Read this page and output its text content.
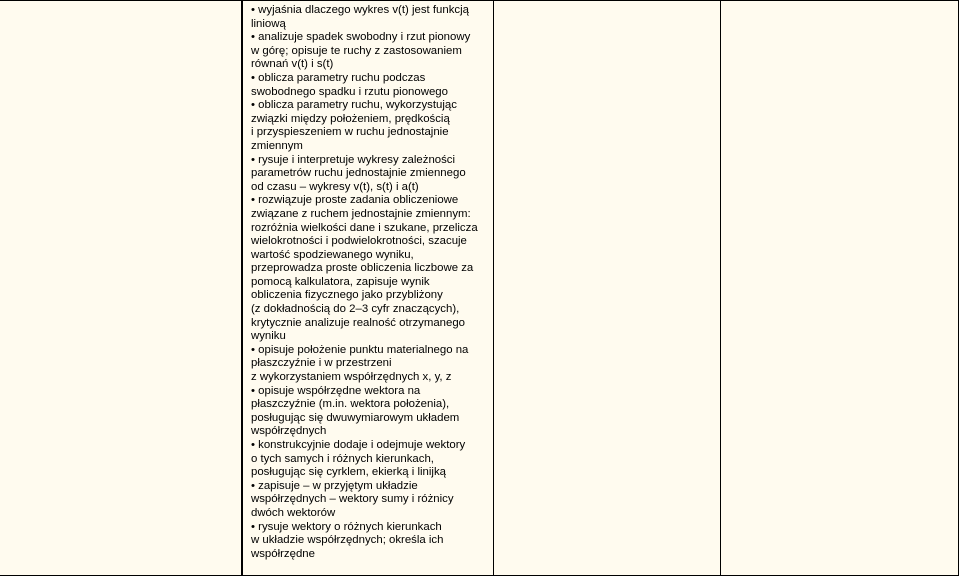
• wyjaśnia dlaczego wykres v(t) jest funkcją
liniową
• analizuje spadek swobodny i rzut pionowy
w górę; opisuje te ruchy z zastosowaniem
równań v(t) i s(t)
• oblicza parametry ruchu podczas
swobodnego spadku i rzutu pionowego
• oblicza parametry ruchu, wykorzystując
związki między położeniem, prędkością
i przyspieszeniem w ruchu jednostajnie
zmiennym
• rysuje i interpretuje wykresy zależności
parametrów ruchu jednostajnie zmiennego
od czasu – wykresy v(t), s(t) i a(t)
• rozwiązuje proste zadania obliczeniowe
związane z ruchem jednostajnie zmiennym:
rozróżnia wielkości dane i szukane, przelicza
wielokrotności i podwielokrotności, szacuje
wartość spodziewanego wyniku,
przeprowadza proste obliczenia liczbowe za
pomocą kalkulatora, zapisuje wynik
obliczenia fizycznego jako przybliżony
(z dokładnością do 2–3 cyfr znaczących),
krytycznie analizuje realność otrzymanego
wyniku
• opisuje położenie punktu materialnego na
płaszczyźnie i w przestrzeni
z wykorzystaniem współrzędnych x, y, z
• opisuje współrzędne wektora na
płaszczyźnie (m.in. wektora położenia),
posługując się dwuwymiarowym układem
współrzędnych
• konstrukcyjnie dodaje i odejmuje wektory
o tych samych i różnych kierunkach,
posługując się cyrklem, ekierką i linijką
• zapisuje – w przyjętym układzie
współrzędnych – wektory sumy i różnicy
dwóch wektorów
• rysuje wektory o różnych kierunkach
w układzie współrzędnych; określa ich
współrzędne
